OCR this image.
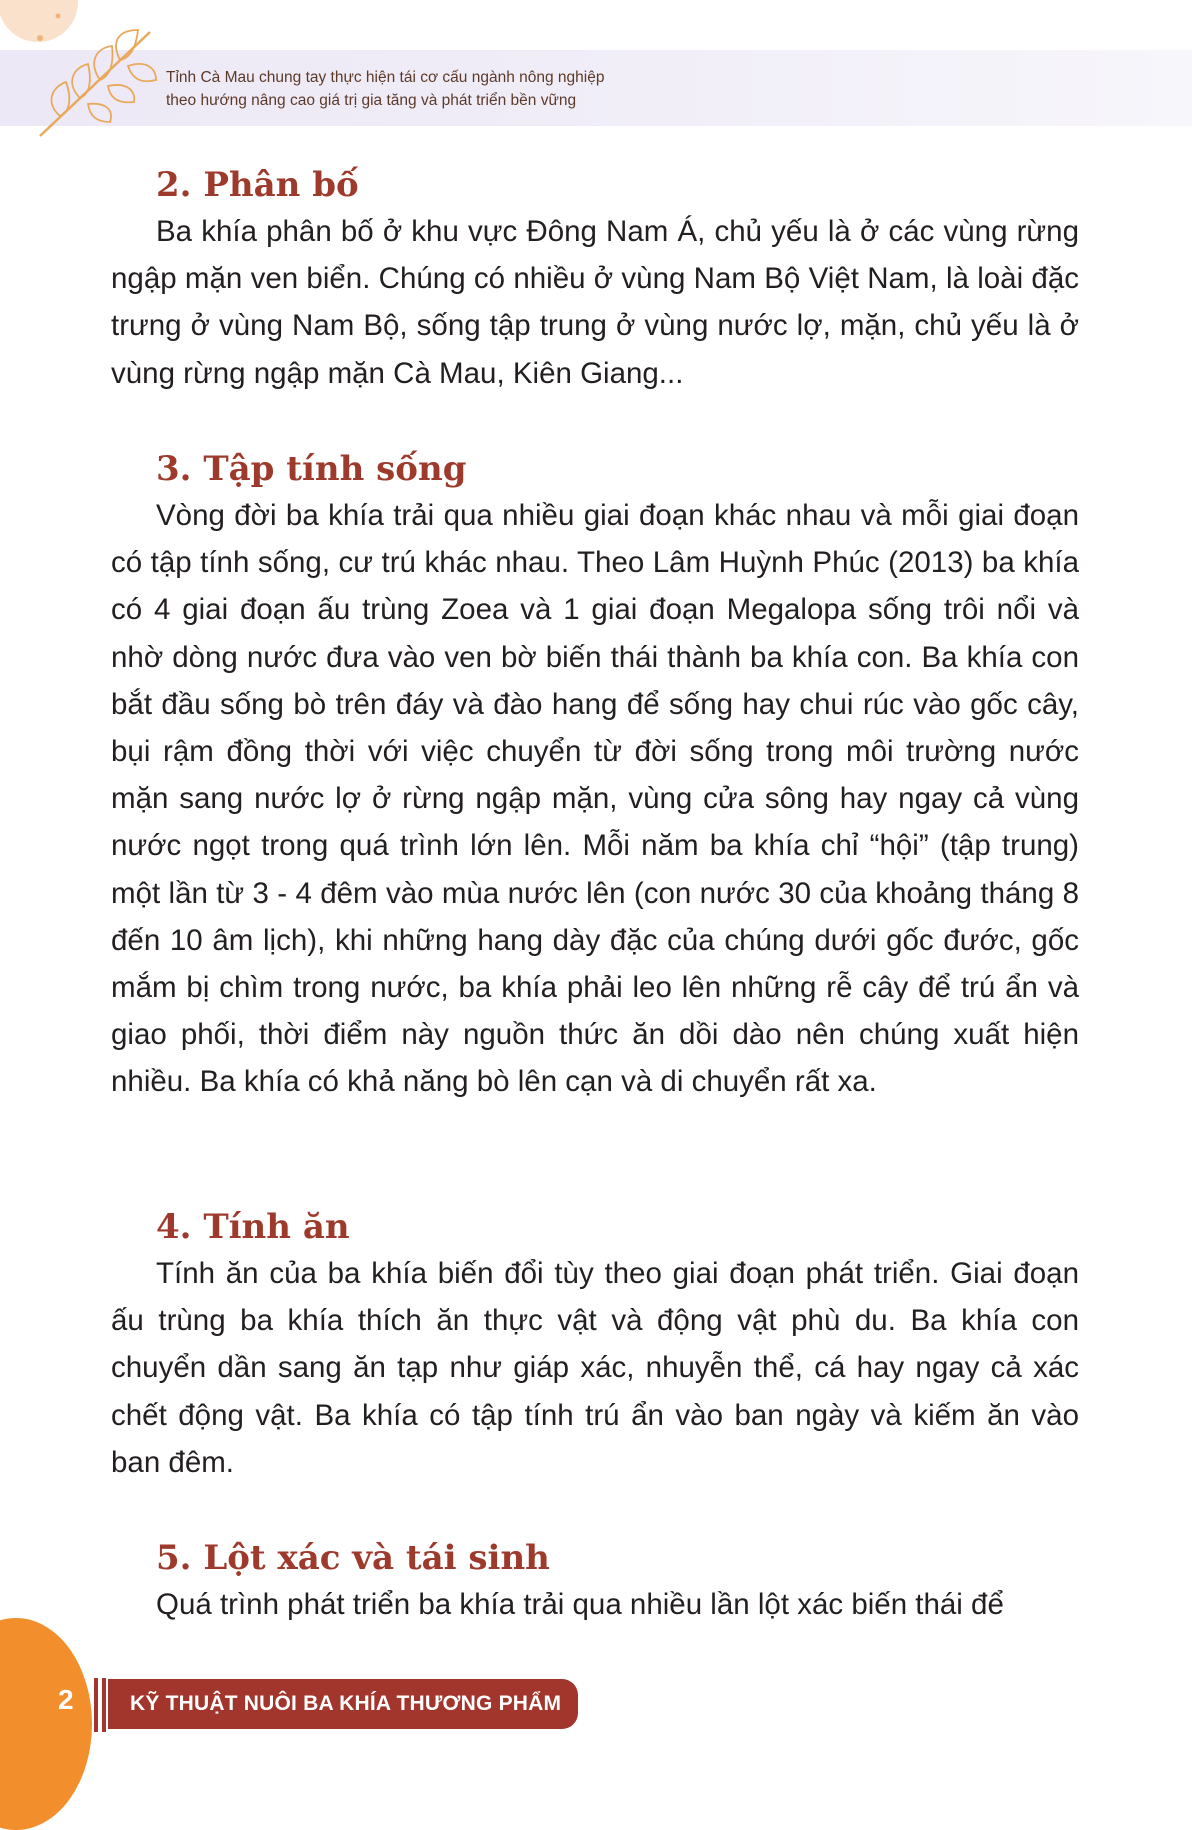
Tỉnh Cà Mau chung tay thực hiện tái cơ cấu ngành nông nghiệp
theo hướng nâng cao giá trị gia tăng và phát triển bền vững
2. Phân bố

Ba khía phân bố ở khu vực Đông Nam Á, chủ yếu là ở các vùng rừng ngập mặn ven biển. Chúng có nhiều ở vùng Nam Bộ Việt Nam, là loài đặc trưng ở vùng Nam Bộ, sống tập trung ở vùng nước lợ, mặn, chủ yếu là ở vùng rừng ngập mặn Cà Mau, Kiên Giang...

3. Tập tính sống

Vòng đời ba khía trải qua nhiều giai đoạn khác nhau và mỗi giai đoạn có tập tính sống, cư trú khác nhau. Theo Lâm Huỳnh Phúc (2013) ba khía có 4 giai đoạn ấu trùng Zoea và 1 giai đoạn Megalopa sống trôi nổi và nhờ dòng nước đưa vào ven bờ biến thái thành ba khía con. Ba khía con bắt đầu sống bò trên đáy và đào hang để sống hay chui rúc vào gốc cây, bụi rậm đồng thời với việc chuyển từ đời sống trong môi trường nước mặn sang nước lợ ở rừng ngập mặn, vùng cửa sông hay ngay cả vùng nước ngọt trong quá trình lớn lên. Mỗi năm ba khía chỉ “hội” (tập trung) một lần từ 3 - 4 đêm vào mùa nước lên (con nước 30 của khoảng tháng 8 đến 10 âm lịch), khi những hang dày đặc của chúng dưới gốc đước, gốc mắm bị chìm trong nước, ba khía phải leo lên những rễ cây để trú ẩn và giao phối, thời điểm này nguồn thức ăn dồi dào nên chúng xuất hiện nhiều. Ba khía có khả năng bò lên cạn và di chuyển rất xa.

4. Tính ăn

Tính ăn của ba khía biến đổi tùy theo giai đoạn phát triển. Giai đoạn ấu trùng ba khía thích ăn thực vật và động vật phù du. Ba khía con chuyển dần sang ăn tạp như giáp xác, nhuyễn thể, cá hay ngay cả xác chết động vật. Ba khía có tập tính trú ẩn vào ban ngày và kiếm ăn vào ban đêm.

5. Lột xác và tái sinh

Quá trình phát triển ba khía trải qua nhiều lần lột xác biến thái để

2	KỸ THUẬT NUÔI BA KHÍA THƯƠNG PHẨM
